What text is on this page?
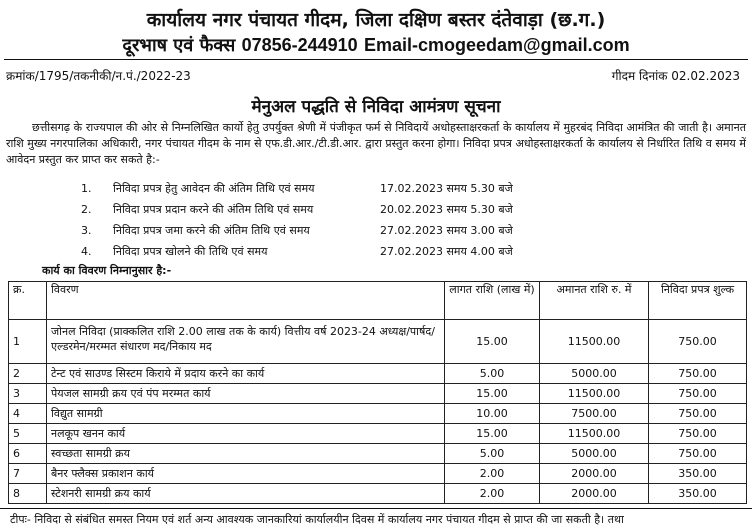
कार्यालय नगर पंचायत गीदम, जिला दक्षिण बस्तर दंतेवाड़ा (छ.ग.)
दूरभाष एवं फैक्स 07856-244910 Email-cmogeedam@gmail.com
क्रमांक/1795/तकनीकी/न.पं./2022-23	गीदम दिनांक 02.02.2023
मेनुअल पद्धति से निविदा आमंत्रण सूचना
छत्तीसगढ़ के राज्यपाल की ओर से निम्नलिखित कार्यो हेतु उपर्युक्त श्रेणी में पंजीकृत फर्म से निविदायें अधोहस्ताक्षरकर्ता के कार्यालय में मुहरबंद निविदा आमंत्रित की जाती है। अमानत राशि मुख्य नगरपालिका अधिकारी, नगर पंचायत गीदम के नाम से एफ.डी.आर./टी.डी.आर. द्वारा प्रस्तुत करना होगा। निविदा प्रपत्र अधोहस्ताक्षरकर्ता के कार्यालय से निर्धारित तिथि व समय में आवेदन प्रस्तुत कर प्राप्त कर सकते है:-
1.	निविदा प्रपत्र हेतु आवेदन की अंतिम तिथि एवं समय	17.02.2023 समय 5.30 बजे
2.	निविदा प्रपत्र प्रदान करने की अंतिम तिथि एवं समय	20.02.2023 समय 5.30 बजे
3.	निविदा प्रपत्र जमा करने की अंतिम तिथि एवं समय	27.02.2023 समय 3.00 बजे
4.	निविदा प्रपत्र खोलने की तिथि एवं समय	27.02.2023 समय 4.00 बजे
कार्य का विवरण निम्नानुसार है:-
क्र.	विवरण	लागत राशि (लाख में)	अमानत राशि रु. में	निविदा प्रपत्र शुल्क
1	जोनल निविदा (प्राक्कलित राशि 2.00 लाख तक के कार्य) वित्तीय वर्ष 2023-24 अध्यक्ष/पार्षद/एल्डरमेन/मरम्मत संधारण मद/निकाय मद	15.00	11500.00	750.00
2	टेन्ट एवं साउण्ड सिस्टम किराये में प्रदाय करने का कार्य	5.00	5000.00	750.00
3	पेयजल सामग्री क्रय एवं पंप मरम्मत कार्य	15.00	11500.00	750.00
4	विद्युत सामग्री	10.00	7500.00	750.00
5	नलकूप खनन कार्य	15.00	11500.00	750.00
6	स्वच्छता सामग्री क्रय	5.00	5000.00	750.00
7	बैनर फ्लैक्स प्रकाशन कार्य	2.00	2000.00	350.00
8	स्टेशनरी सामग्री क्रय कार्य	2.00	2000.00	350.00
टीपः- निविदा से संबंधित समस्त नियम एवं शर्त अन्य आवश्यक जानकारियां कार्यालयीन दिवस में कार्यालय नगर पंचायत गीदम से प्राप्त की जा सकती है। तथा
